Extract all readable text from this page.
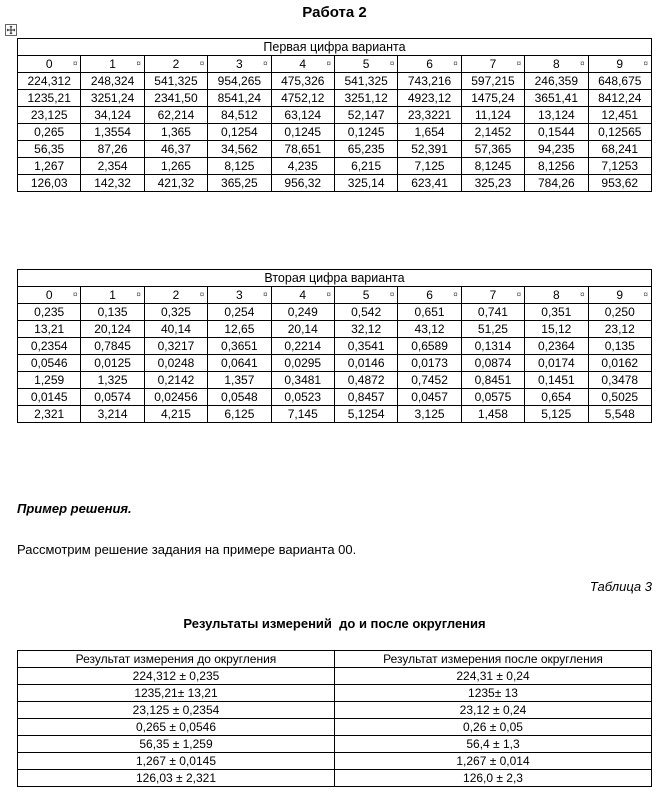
Работа 2
Первая цифра варианта									
0 ¤	1 ¤	2 ¤	3 ¤	4 ¤	5 ¤	6 ¤	7 ¤	8 ¤	9 ¤

224,312	248,324	541,325	954,265	475,326	541,325	743,216	597,215	246,359	648,675
1235,21	3251,24	2341,50	8541,24	4752,12	3251,12	4923,12	1475,24	3651,41	8412,24
23,125	34,124	62,214	84,512	63,124	52,147	23,3221	11,124	13,124	12,451
0,265	1,3554	1,365	0,1254	0,1245	0,1245	1,654	2,1452	0,1544	0,12565
56,35	87,26	46,37	34,562	78,651	65,235	52,391	57,365	94,235	68,241
1,267	2,354	1,265	8,125	4,235	6,215	7,125	8,1245	8,1256	7,1253
126,03	142,32	421,32	365,25	956,32	325,14	623,41	325,23	784,26	953,62
Вторая цифра варианта									
0 ¤	1 ¤	2 ¤	3 ¤	4 ¤	5 ¤	6 ¤	7 ¤	8 ¤	9 ¤

0,235	0,135	0,325	0,254	0,249	0,542	0,651	0,741	0,351	0,250
13,21	20,124	40,14	12,65	20,14	32,12	43,12	51,25	15,12	23,12
0,2354	0,7845	0,3217	0,3651	0,2214	0,3541	0,6589	0,1314	0,2364	0,135
0,0546	0,0125	0,0248	0,0641	0,0295	0,0146	0,0173	0,0874	0,0174	0,0162
1,259	1,325	0,2142	1,357	0,3481	0,4872	0,7452	0,8451	0,1451	0,3478
0,0145	0,0574	0,02456	0,0548	0,0523	0,8457	0,0457	0,0575	0,654	0,5025
2,321	3,214	4,215	6,125	7,145	5,1254	3,125	1,458	5,125	5,548
Пример решения.
Рассмотрим решение задания на примере варианта 00.
Таблица 3
Результаты измерений  до и после округления
Результат измерения до округления	Результат измерения после округления
224,312 ± 0,235	224,31 ± 0,24
1235,21± 13,21	1235± 13
23,125 ± 0,2354	23,12 ± 0,24
0,265 ± 0,0546	0,26 ± 0,05
56,35 ± 1,259	56,4 ± 1,3
1,267 ± 0,0145	1,267 ± 0,014
126,03 ± 2,321	126,0 ± 2,3
